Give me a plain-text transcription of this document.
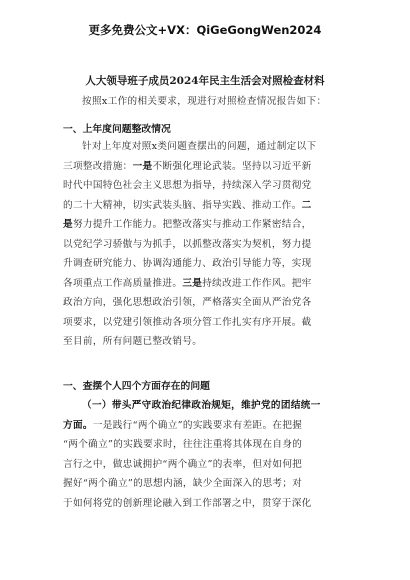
更多免费公文+VX：QiGeGongWen2024
人大领导班子成员2024年民主生活会对照检查材料
按照x工作的相关要求，现进行对照检查情况报告如下：
一、上年度问题整改情况
针对上年度对照x类问题查摆出的问题，通过制定以下
三项整改措施：一是不断强化理论武装。坚持以习近平新
时代中国特色社会主义思想为指导，持续深入学习贯彻党
的二十大精神，切实武装头脑、指导实践、推动工作。二
是努力提升工作能力。把整改落实与推动工作紧密结合，
以党纪学习骄傲与为抓手，以抓整改落实为契机，努力提
升调查研究能力、协调沟通能力、政治引导能力等，实现
各项重点工作高质量推进。三是持续改进工作作风。把牢
政治方向，强化思想政治引领，严格落实全面从严治党各
项要求，以党建引领推动各项分管工作扎实有序开展。截
至目前，所有问题已整改销号。
一、查摆个人四个方面存在的问题
（一）带头严守政治纪律政治规矩，维护党的团结统一
方面。一是践行“两个确立”的实践要求有差距。在把握
“两个确立”的实践要求时，往往注重将其体现在自身的
言行之中，做忠诚拥护“两个确立”的表率，但对如何把
握好“两个确立”的思想内涵，缺少全面深入的思考；对
于如何将党的创新理论融入到工作部署之中，贯穿于深化
